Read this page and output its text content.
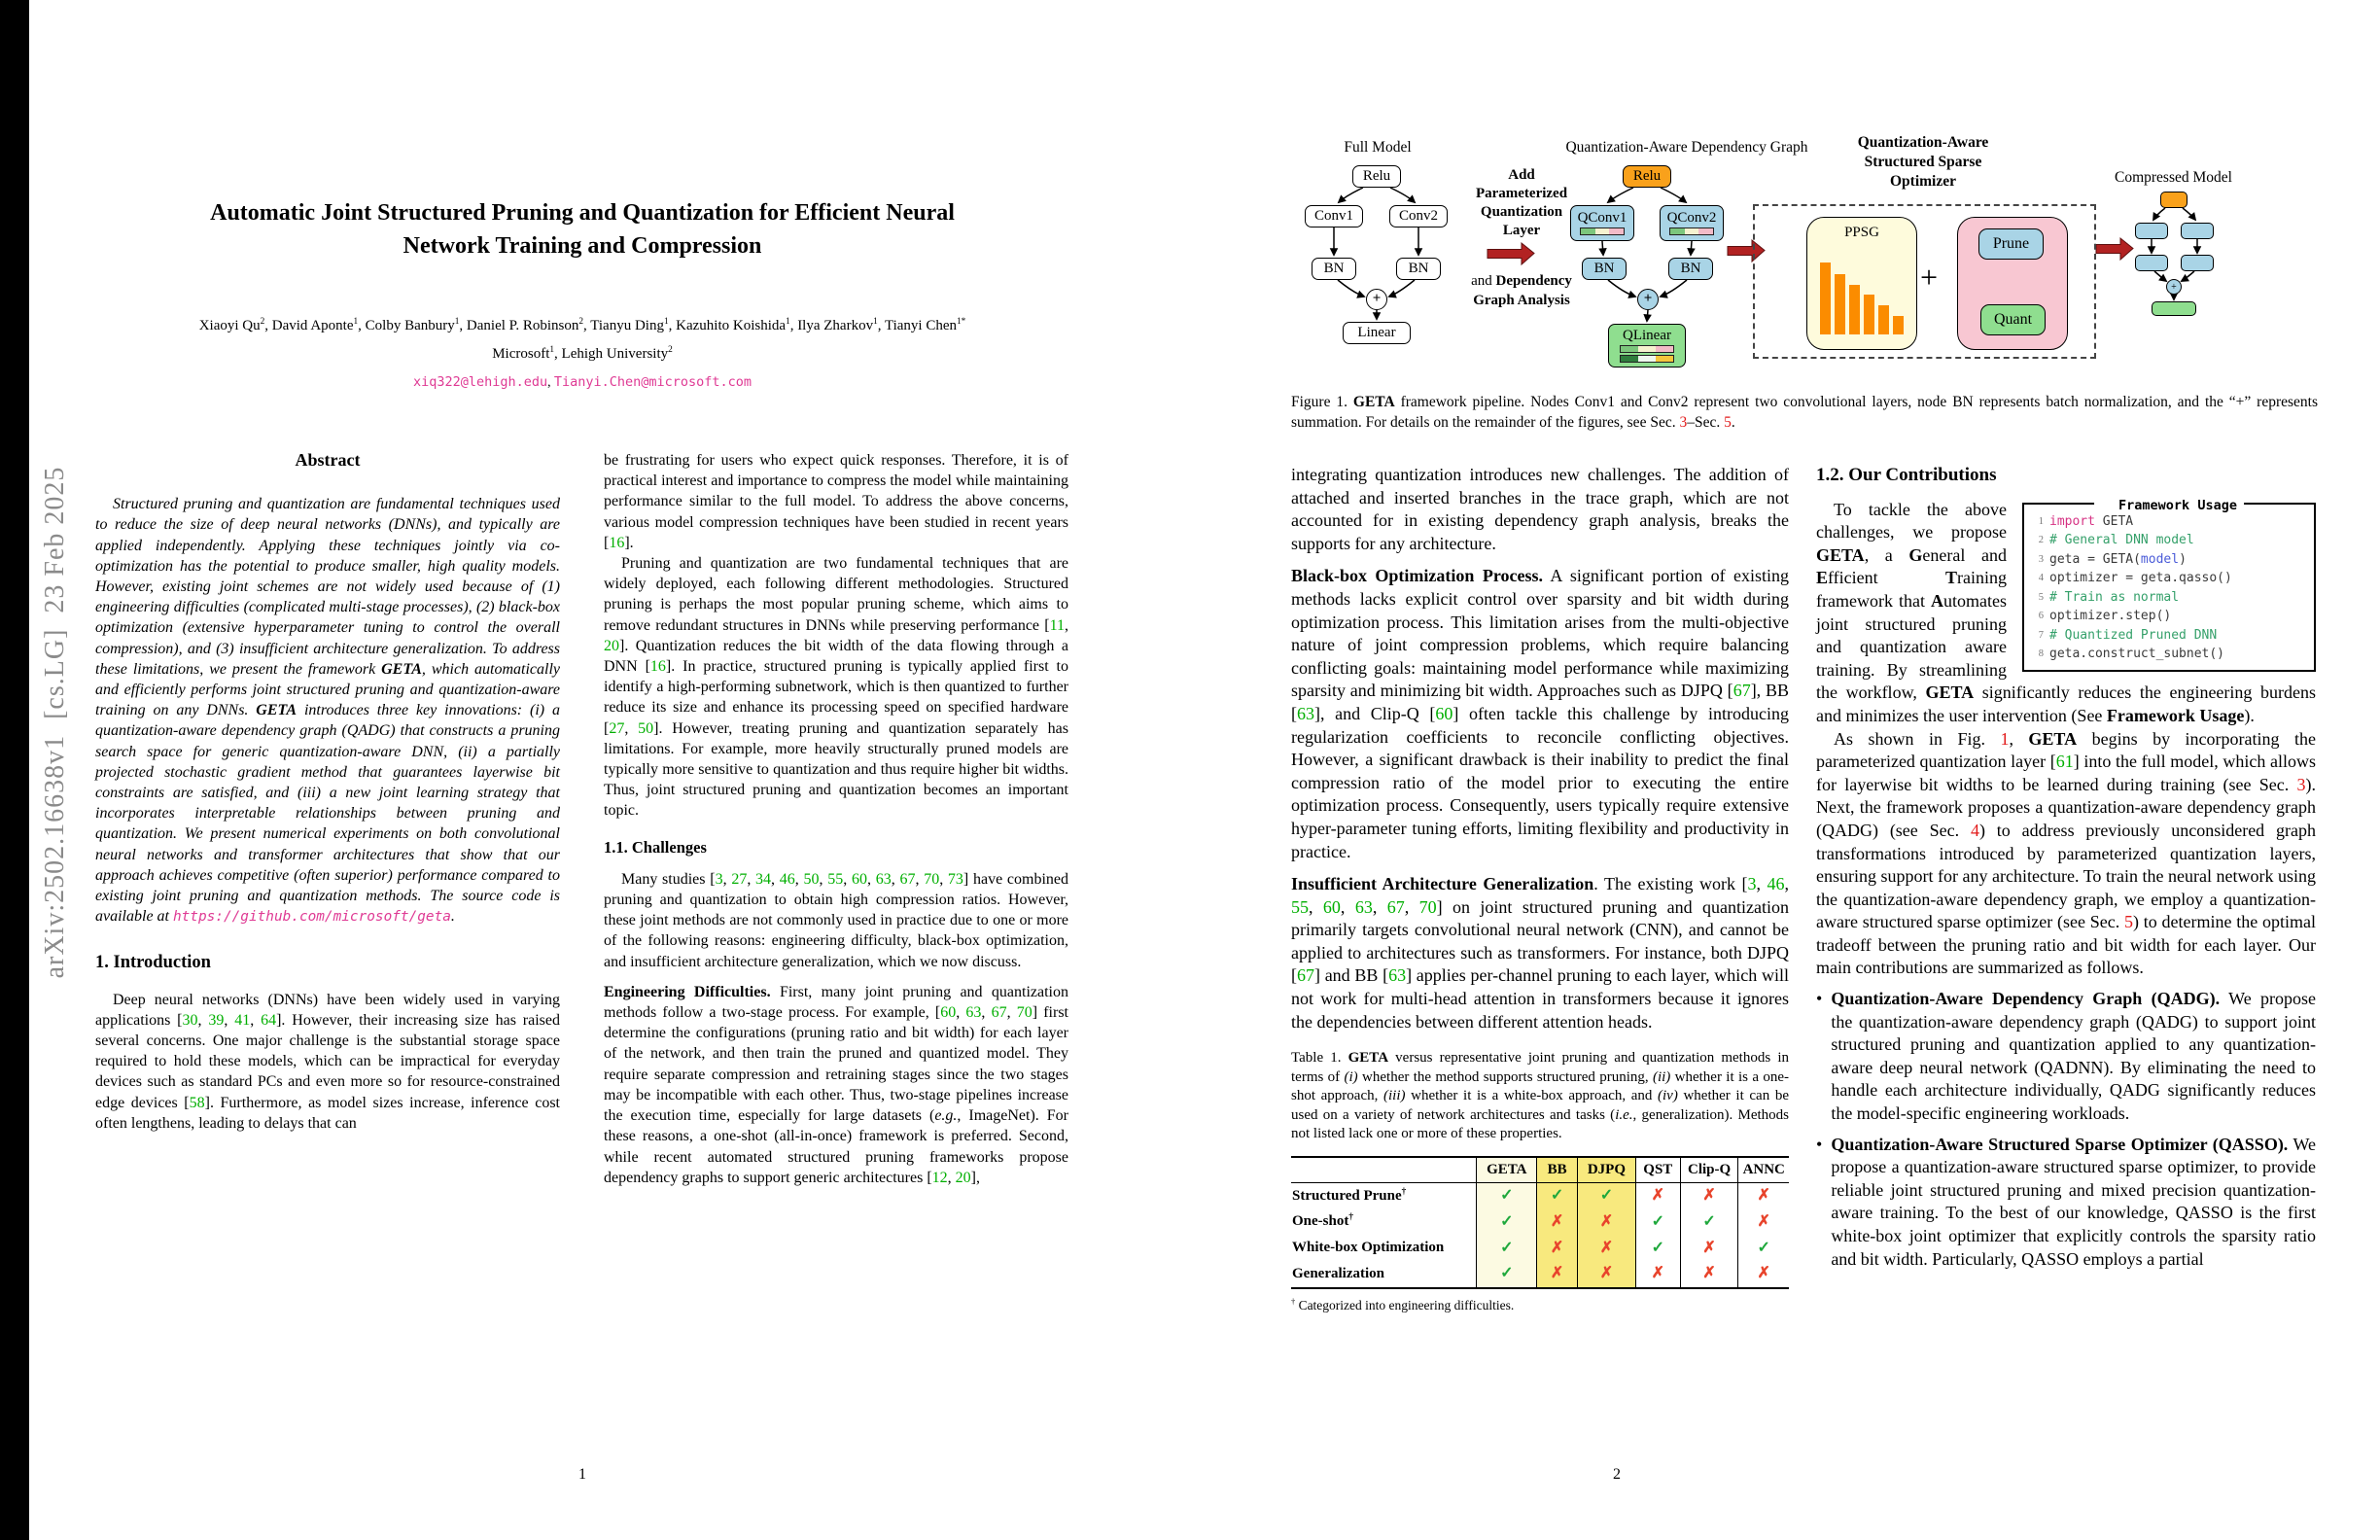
arXiv:2502.16638v1  [cs.LG]  23 Feb 2025
Automatic Joint Structured Pruning and Quantization for Efficient Neural
Network Training and Compression
Xiaoyi Qu$^2$, David Aponte$^1$, Colby Banbury$^1$, Daniel P. Robinson$^2$, Tianyu Ding$^1$, Kazuhito Koishida$^1$, Ilya Zharkov$^1$, Tianyi Chen$^{1*}$
Microsoft$^1$, Lehigh University$^2$
xiq322@lehigh.edu, Tianyi.Chen@microsoft.com
Abstract
Structured pruning and quantization are fundamental techniques used to reduce the size of deep neural networks (DNNs), and typically are applied independently. Applying these techniques jointly via co-optimization has the potential to produce smaller, high quality models. However, existing joint schemes are not widely used because of (1) engineering difficulties (complicated multi-stage processes), (2) black-box optimization (extensive hyperparameter tuning to control the overall compression), and (3) insufficient architecture generalization. To address these limitations, we present the framework GETA, which automatically and efficiently performs joint structured pruning and quantization-aware training on any DNNs. GETA introduces three key innovations: (i) a quantization-aware dependency graph (QADG) that constructs a pruning search space for generic quantization-aware DNN, (ii) a partially projected stochastic gradient method that guarantees layerwise bit constraints are satisfied, and (iii) a new joint learning strategy that incorporates interpretable relationships between pruning and quantization. We present numerical experiments on both convolutional neural networks and transformer architectures that show that our approach achieves competitive (often superior) performance compared to existing joint pruning and quantization methods. The source code is available at https://github.com/microsoft/geta.
1. Introduction
Deep neural networks (DNNs) have been widely used in varying applications [30, 39, 41, 64]. However, their increasing size has raised several concerns. One major challenge is the substantial storage space required to hold these models, which can be impractical for everyday devices such as standard PCs and even more so for resource-constrained edge devices [58]. Furthermore, as model sizes increase, inference cost often lengthens, leading to delays that can
be frustrating for users who expect quick responses. Therefore, it is of practical interest and importance to compress the model while maintaining performance similar to the full model. To address the above concerns, various model compression techniques have been studied in recent years [16].
Pruning and quantization are two fundamental techniques that are widely deployed, each following different methodologies. Structured pruning is perhaps the most popular pruning scheme, which aims to remove redundant structures in DNNs while preserving performance [11, 20]. Quantization reduces the bit width of the data flowing through a DNN [16]. In practice, structured pruning is typically applied first to identify a high-performing subnetwork, which is then quantized to further reduce its size and enhance its processing speed on specified hardware [27, 50]. However, treating pruning and quantization separately has limitations. For example, more heavily structurally pruned models are typically more sensitive to quantization and thus require higher bit widths. Thus, joint structured pruning and quantization becomes an important topic.
1.1. Challenges
Many studies [3, 27, 34, 46, 50, 55, 60, 63, 67, 70, 73] have combined pruning and quantization to obtain high compression ratios. However, these joint methods are not commonly used in practice due to one or more of the following reasons: engineering difficulty, black-box optimization, and insufficient architecture generalization, which we now discuss.
Engineering Difficulties. First, many joint pruning and quantization methods follow a two-stage process. For example, [60, 63, 67, 70] first determine the configurations (pruning ratio and bit width) for each layer of the network, and then train the pruned and quantized model. They require separate compression and retraining stages since the two stages may be incompatible with each other. Thus, two-stage pipelines increase the execution time, especially for large datasets (e.g., ImageNet). For these reasons, a one-shot (all-in-once) framework is preferred. Second, while recent automated structured pruning frameworks propose dependency graphs to support generic architectures [12, 20],
1
Full Model	Quantization-Aware Dependency Graph	Quantization-Aware
Structured Sparse
Optimizer	Compressed Model
Add
Parameterized
Quantization
Layer
and Dependency
Graph Analysis
Relu
Conv1	Conv2
BN	BN
+
Linear
Relu
QConv1	QConv2
BN	BN
+
QLinear
PPSG
+
Prune
Quant
+
Figure 1. GETA framework pipeline. Nodes Conv1 and Conv2 represent two convolutional layers, node BN represents batch normalization, and the “+” represents summation. For details on the remainder of the figures, see Sec. 3–Sec. 5.
integrating quantization introduces new challenges. The addition of attached and inserted branches in the trace graph, which are not accounted for in existing dependency graph analysis, breaks the supports for any architecture.
Black-box Optimization Process. A significant portion of existing methods lacks explicit control over sparsity and bit width during optimization process. This limitation arises from the multi-objective nature of joint compression problems, which require balancing conflicting goals: maintaining model performance while maximizing sparsity and minimizing bit width. Approaches such as DJPQ [67], BB [63], and Clip-Q [60] often tackle this challenge by introducing regularization coefficients to reconcile conflicting objectives. However, a significant drawback is their inability to predict the final compression ratio of the model prior to executing the entire optimization process. Consequently, users typically require extensive hyper-parameter tuning efforts, limiting flexibility and productivity in practice.
Insufficient Architecture Generalization. The existing work [3, 46, 55, 60, 63, 67, 70] on joint structured pruning and quantization primarily targets convolutional neural network (CNN), and cannot be applied to architectures such as transformers. For instance, both DJPQ [67] and BB [63] applies per-channel pruning to each layer, which will not work for multi-head attention in transformers because it ignores the dependencies between different attention heads.
Table 1. GETA versus representative joint pruning and quantization methods in terms of (i) whether the method supports structured pruning, (ii) whether it is a one-shot approach, (iii) whether it is a white-box approach, and (iv) whether it can be used on a variety of network architectures and tasks (i.e., generalization). Methods not listed lack one or more of these properties.
	GETA	BB	DJPQ	QST	Clip-Q	ANNC
Structured Prune†	✓	✓	✓	✗	✗	✗
One-shot†	✓	✗	✗	✓	✓	✗
White-box Optimization	✓	✗	✗	✓	✗	✓
Generalization	✓	✗	✗	✗	✗	✗
† Categorized into engineering difficulties.
1.2. Our Contributions
Framework Usage
1 import GETA
2 # General DNN model
3 geta = GETA(model)
4 optimizer = geta.qasso()
5 # Train as normal
6 optimizer.step()
7 # Quantized Pruned DNN
8 geta.construct_subnet()
To tackle the above challenges, we propose GETA, a General and Efficient Training framework that Automates joint structured pruning and quantization aware training. By streamlining the workflow, GETA significantly reduces the engineering burdens and minimizes the user intervention (See Framework Usage).
As shown in Fig. 1, GETA begins by incorporating the parameterized quantization layer [61] into the full model, which allows for layerwise bit widths to be learned during training (see Sec. 3). Next, the framework proposes a quantization-aware dependency graph (QADG) (see Sec. 4) to address previously unconsidered graph transformations introduced by parameterized quantization layers, ensuring support for any architecture. To train the neural network using the quantization-aware dependency graph, we employ a quantization-aware structured sparse optimizer (see Sec. 5) to determine the optimal tradeoff between the pruning ratio and bit width for each layer. Our main contributions are summarized as follows.
• Quantization-Aware Dependency Graph (QADG). We propose the quantization-aware dependency graph (QADG) to support joint structured pruning and quantization applied to any quantization-aware deep neural network (QADNN). By eliminating the need to handle each architecture individually, QADG significantly reduces the model-specific engineering workloads.
• Quantization-Aware Structured Sparse Optimizer (QASSO). We propose a quantization-aware structured sparse optimizer, to provide reliable joint structured pruning and mixed precision quantization-aware training. To the best of our knowledge, QASSO is the first white-box joint optimizer that explicitly controls the sparsity ratio and bit width. Particularly, QASSO employs a partial
2
